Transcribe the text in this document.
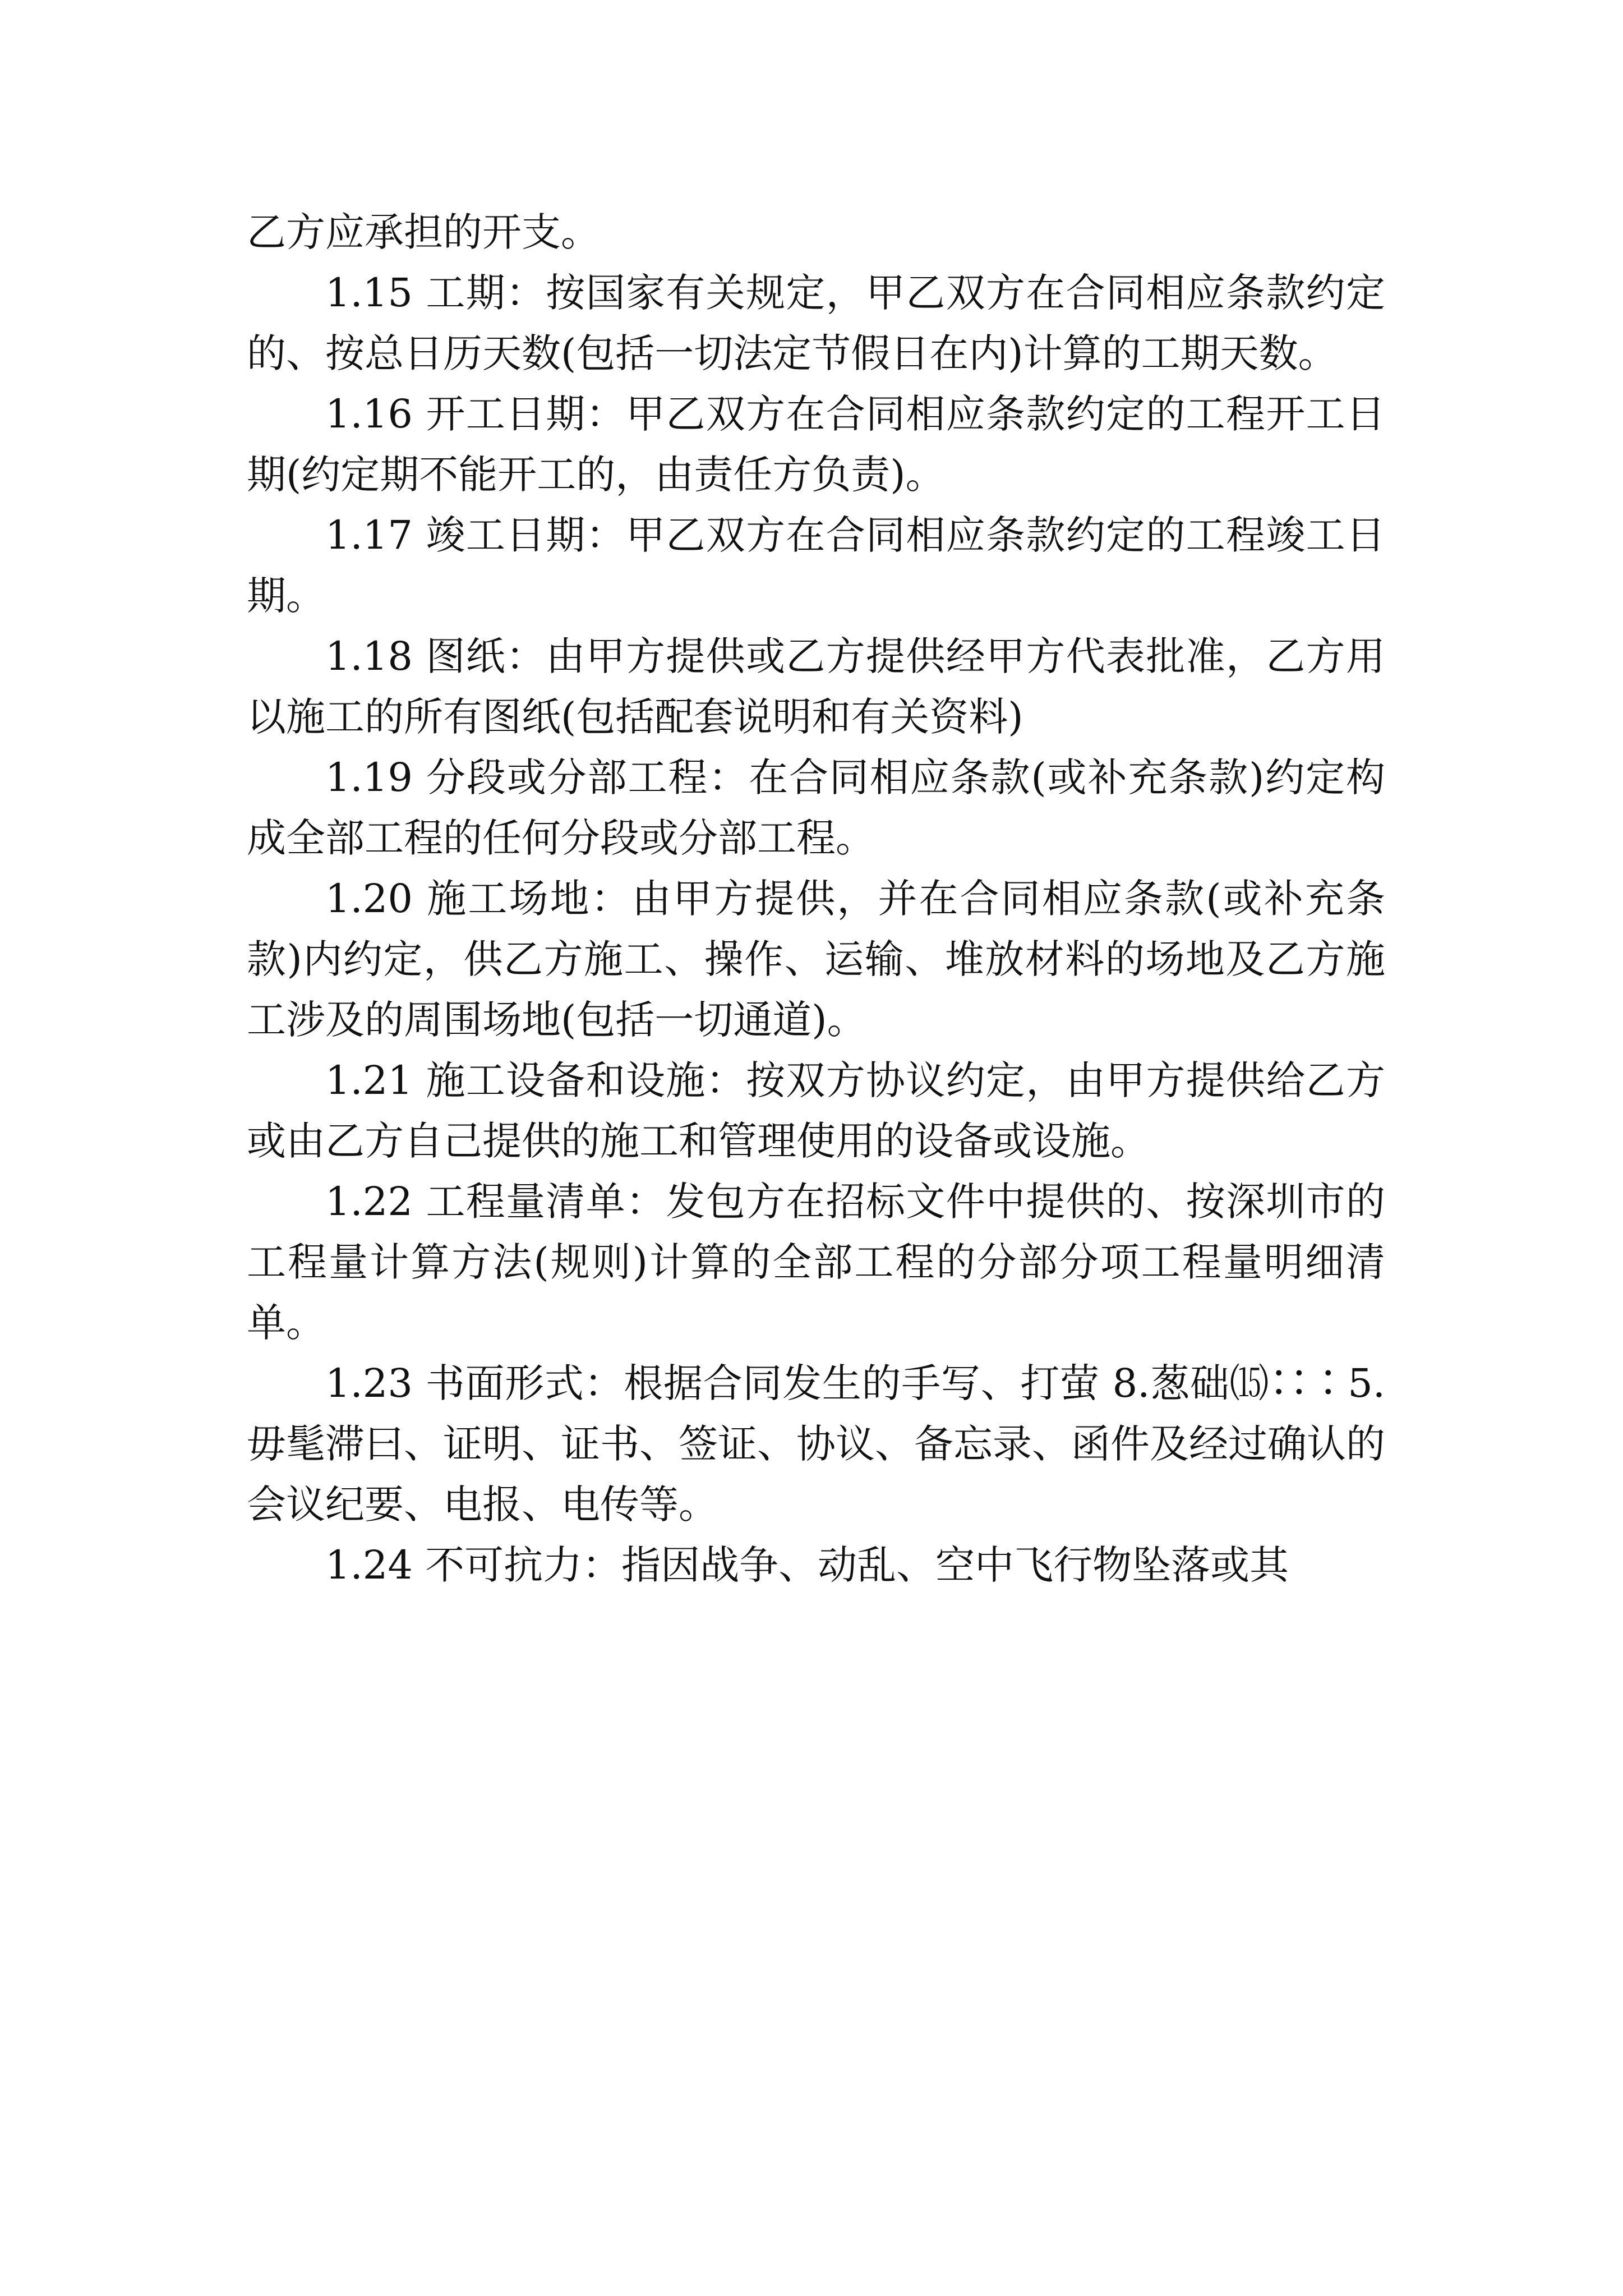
乙方应承担的开支。

1.15 工期：按国家有关规定，甲乙双方在合同相应条款约定的、按总日历天数(包括一切法定节假日在内)计算的工期天数。

1.16 开工日期：甲乙双方在合同相应条款约定的工程开工日期(约定期不能开工的，由责任方负责)。

1.17 竣工日期：甲乙双方在合同相应条款约定的工程竣工日期。

1.18 图纸：由甲方提供或乙方提供经甲方代表批准，乙方用以施工的所有图纸(包括配套说明和有关资料)

1.19 分段或分部工程：在合同相应条款(或补充条款)约定构成全部工程的任何分段或分部工程。

1.20 施工场地：由甲方提供，并在合同相应条款(或补充条款)内约定，供乙方施工、操作、运输、堆放材料的场地及乙方施工涉及的周围场地(包括一切通道)。

1.21 施工设备和设施：按双方协议约定，由甲方提供给乙方或由乙方自己提供的施工和管理使用的设备或设施。

1.22 工程量清单：发包方在招标文件中提供的、按深圳市的工程量计算方法(规则)计算的全部工程的分部分项工程量明细清单。

1.23 书面形式：根据合同发生的手写、打萤 8.葱础⒂∷∶5.毋髦滞曰、证明、证书、签证、协议、备忘录、函件及经过确认的会议纪要、电报、电传等。

1.24 不可抗力：指因战争、动乱、空中飞行物坠落或其
